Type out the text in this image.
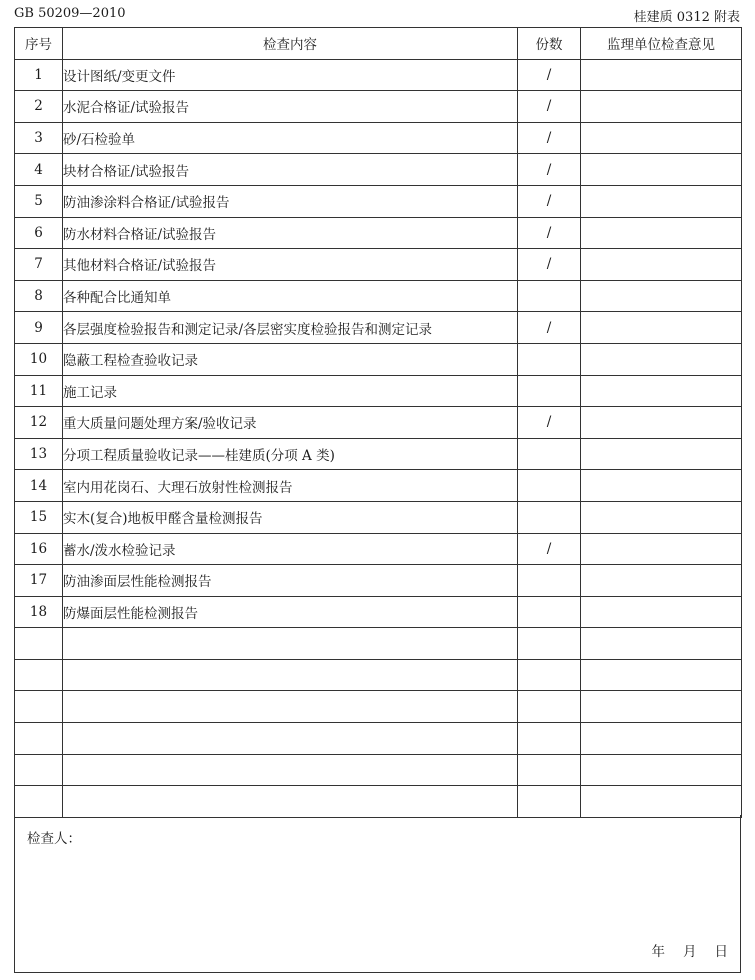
GB 50209—2010	桂建质 0312 附表
序号	检查内容	份数	监理单位检查意见
1	设计图纸/变更文件	/	
2	水泥合格证/试验报告	/	
3	砂/石检验单	/	
4	块材合格证/试验报告	/	
5	防油渗涂料合格证/试验报告	/	
6	防水材料合格证/试验报告	/	
7	其他材料合格证/试验报告	/	
8	各种配合比通知单		
9	各层强度检验报告和测定记录/各层密实度检验报告和测定记录	/	
10	隐蔽工程检查验收记录		
11	施工记录		
12	重大质量问题处理方案/验收记录	/	
13	分项工程质量验收记录——桂建质(分项 A 类)		
14	室内用花岗石、大理石放射性检测报告		
15	实木(复合)地板甲醛含量检测报告		
16	蓄水/泼水检验记录	/	
17	防油渗面层性能检测报告		
18	防爆面层性能检测报告		

检查人：
年 月 日
